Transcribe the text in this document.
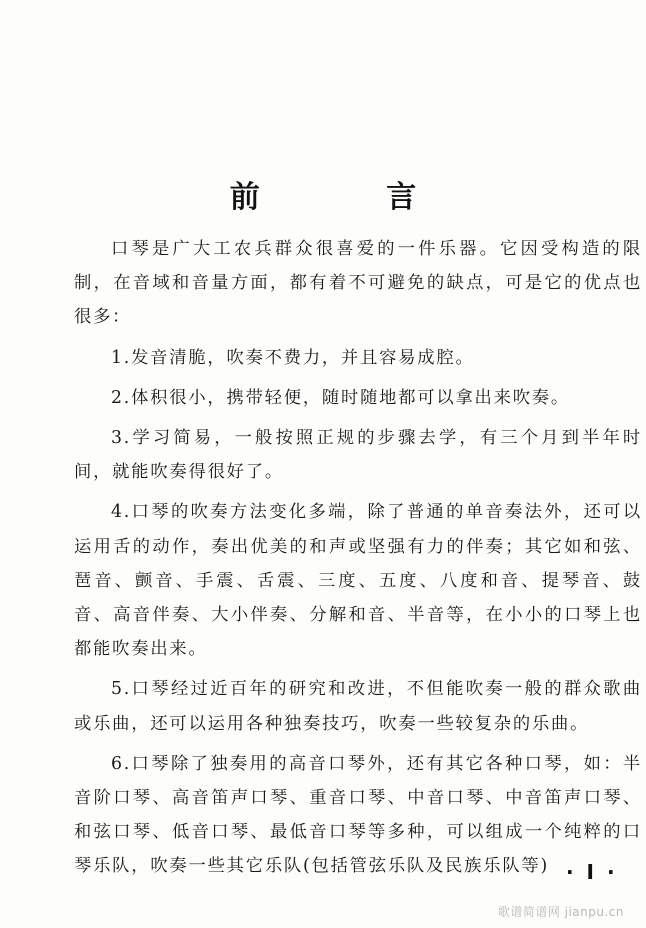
前 言

口琴是广大工农兵群众很喜爱的一件乐器。它因受构造的限制，在音域和音量方面，都有着不可避免的缺点，可是它的优点也很多：

1.发音清脆，吹奏不费力，并且容易成腔。

2.体积很小，携带轻便，随时随地都可以拿出来吹奏。

3.学习简易，一般按照正规的步骤去学，有三个月到半年时间，就能吹奏得很好了。

4.口琴的吹奏方法变化多端，除了普通的单音奏法外，还可以运用舌的动作，奏出优美的和声或坚强有力的伴奏；其它如和弦、琶音、颤音、手震、舌震、三度、五度、八度和音、提琴音、鼓音、高音伴奏、大小伴奏、分解和音、半音等，在小小的口琴上也都能吹奏出来。

5.口琴经过近百年的研究和改进，不但能吹奏一般的群众歌曲或乐曲，还可以运用各种独奏技巧，吹奏一些较复杂的乐曲。

6.口琴除了独奏用的高音口琴外，还有其它各种口琴，如：半音阶口琴、高音笛声口琴、重音口琴、中音口琴、中音笛声口琴、和弦口琴、低音口琴、最低音口琴等多种，可以组成一个纯粹的口琴乐队，吹奏一些其它乐队(包括管弦乐队及民族乐队等) · I ·
歌谱简谱网 jianpu.cn
